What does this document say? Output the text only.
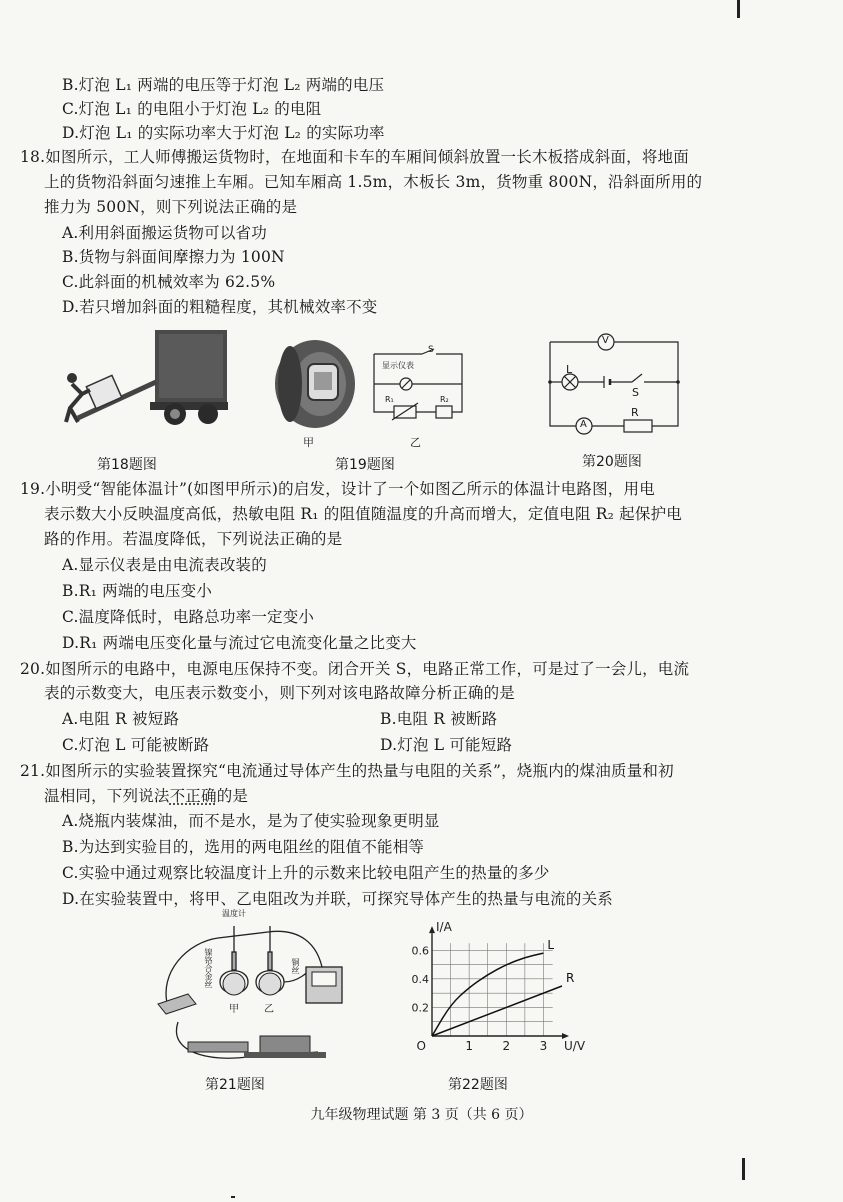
B.灯泡 L₁ 两端的电压等于灯泡 L₂ 两端的电压
C.灯泡 L₁ 的电阻小于灯泡 L₂ 的电阻
D.灯泡 L₁ 的实际功率大于灯泡 L₂ 的实际功率
18.如图所示，工人师傅搬运货物时，在地面和卡车的车厢间倾斜放置一长木板搭成斜面，将地面
上的货物沿斜面匀速推上车厢。已知车厢高 1.5m，木板长 3m，货物重 800N，沿斜面所用的
推力为 500N，则下列说法正确的是
A.利用斜面搬运货物可以省功
B.货物与斜面间摩擦力为 100N
C.此斜面的机械效率为 62.5%
D.若只增加斜面的粗糙程度，其机械效率不变
第18题图
甲
S
显示仪表
R₁	R₂
乙
第19题图
V
L
S
A
R
第20题图
19.小明受“智能体温计”(如图甲所示)的启发，设计了一个如图乙所示的体温计电路图，用电
表示数大小反映温度高低，热敏电阻 R₁ 的阻值随温度的升高而增大，定值电阻 R₂ 起保护电
路的作用。若温度降低，下列说法正确的是
A.显示仪表是由电流表改装的
B.R₁ 两端的电压变小
C.温度降低时，电路总功率一定变小
D.R₁ 两端电压变化量与流过它电流变化量之比变大
20.如图所示的电路中，电源电压保持不变。闭合开关 S，电路正常工作，可是过了一会儿，电流
表的示数变大，电压表示数变小，则下列对该电路故障分析正确的是
A.电阻 R 被短路	B.电阻 R 被断路
C.灯泡 L 可能被断路	D.灯泡 L 可能短路
21.如图所示的实验装置探究“电流通过导体产生的热量与电阻的关系”，烧瓶内的煤油质量和初
温相同，下列说法不正确的是
A.烧瓶内装煤油，而不是水，是为了使实验现象更明显
B.为达到实验目的，选用的两电阻丝的阻值不能相等
C.实验中通过观察比较温度计上升的示数来比较电阻产生的热量的多少
D.在实验装置中，将甲、乙电阻改为并联，可探究导体产生的热量与电流的关系
温度计
镍铬合金丝	铜丝
甲	乙
第21题图
1 2 3
0.2
0.4
0.6
O	U/V
I/A
L
R
第22题图
九年级物理试题 第 3 页（共 6 页）
